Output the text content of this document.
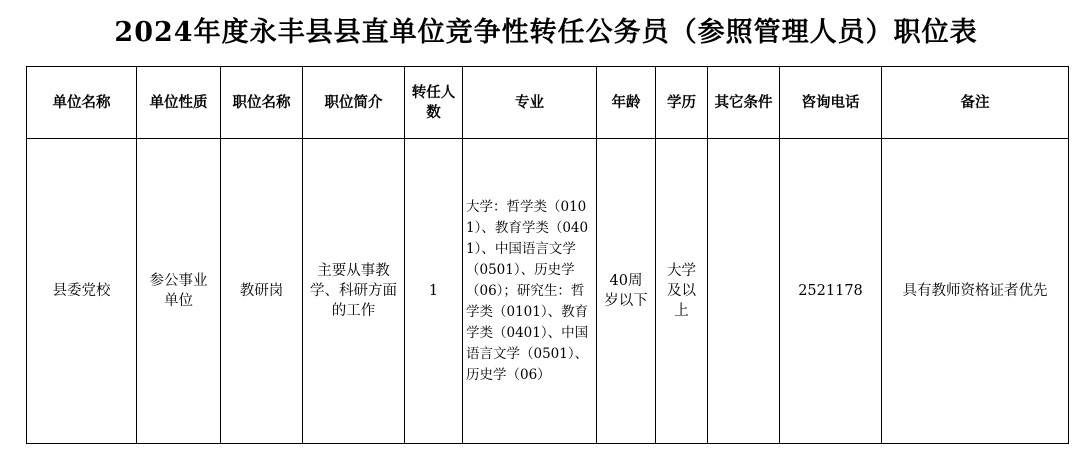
2024年度永丰县县直单位竞争性转任公务员（参照管理人员）职位表
单位名称	单位性质	职位名称	职位简介	转任人数	专业	年龄	学历	其它条件	咨询电话	备注
县委党校	参公事业单位	教研岗	主要从事教学、科研方面的工作	1	大学：哲学类（0101）、教育学类（0401）、中国语言文学（0501）、历史学（06）；研究生：哲学类（0101）、教育学类（0401）、中国语言文学（0501）、历史学（06）	40周岁以下	大学及以上		2521178	具有教师资格证者优先
